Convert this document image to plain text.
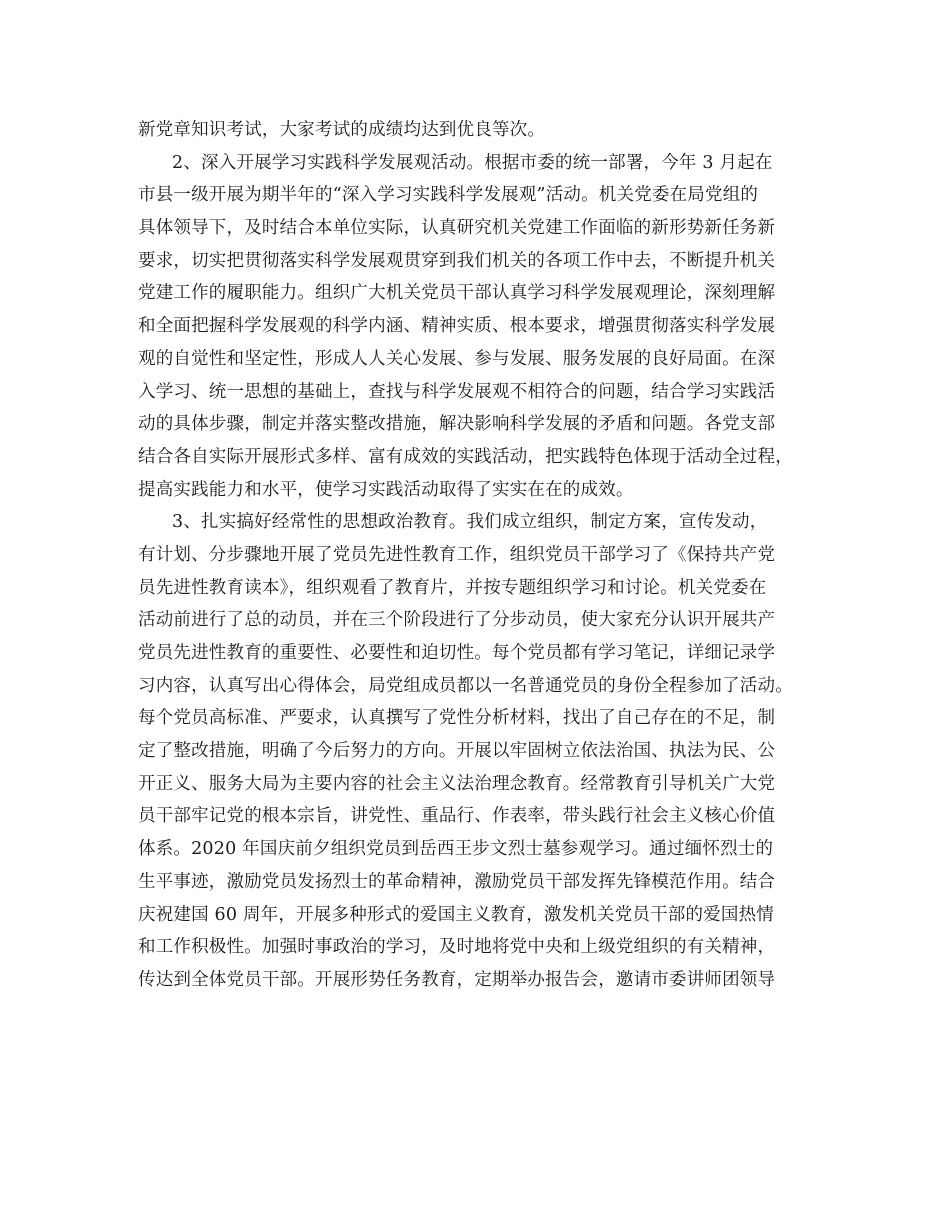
新党章知识考试，大家考试的成绩均达到优良等次。
2、深入开展学习实践科学发展观活动。根据市委的统一部署，今年 3 月起在
市县一级开展为期半年的“深入学习实践科学发展观”活动。机关党委在局党组的
具体领导下，及时结合本单位实际，认真研究机关党建工作面临的新形势新任务新
要求，切实把贯彻落实科学发展观贯穿到我们机关的各项工作中去，不断提升机关
党建工作的履职能力。组织广大机关党员干部认真学习科学发展观理论，深刻理解
和全面把握科学发展观的科学内涵、精神实质、根本要求，增强贯彻落实科学发展
观的自觉性和坚定性，形成人人关心发展、参与发展、服务发展的良好局面。在深
入学习、统一思想的基础上，查找与科学发展观不相符合的问题，结合学习实践活
动的具体步骤，制定并落实整改措施，解决影响科学发展的矛盾和问题。各党支部
结合各自实际开展形式多样、富有成效的实践活动，把实践特色体现于活动全过程，
提高实践能力和水平，使学习实践活动取得了实实在在的成效。
3、扎实搞好经常性的思想政治教育。我们成立组织，制定方案，宣传发动，
有计划、分步骤地开展了党员先进性教育工作，组织党员干部学习了《保持共产党
员先进性教育读本》，组织观看了教育片，并按专题组织学习和讨论。机关党委在
活动前进行了总的动员，并在三个阶段进行了分步动员，使大家充分认识开展共产
党员先进性教育的重要性、必要性和迫切性。每个党员都有学习笔记，详细记录学
习内容，认真写出心得体会，局党组成员都以一名普通党员的身份全程参加了活动。
每个党员高标准、严要求，认真撰写了党性分析材料，找出了自己存在的不足，制
定了整改措施，明确了今后努力的方向。开展以牢固树立依法治国、执法为民、公
开正义、服务大局为主要内容的社会主义法治理念教育。经常教育引导机关广大党
员干部牢记党的根本宗旨，讲党性、重品行、作表率，带头践行社会主义核心价值
体系。2020 年国庆前夕组织党员到岳西王步文烈士墓参观学习。通过缅怀烈士的
生平事迹，激励党员发扬烈士的革命精神，激励党员干部发挥先锋模范作用。结合
庆祝建国 60 周年，开展多种形式的爱国主义教育，激发机关党员干部的爱国热情
和工作积极性。加强时事政治的学习，及时地将党中央和上级党组织的有关精神，
传达到全体党员干部。开展形势任务教育，定期举办报告会，邀请市委讲师团领导
